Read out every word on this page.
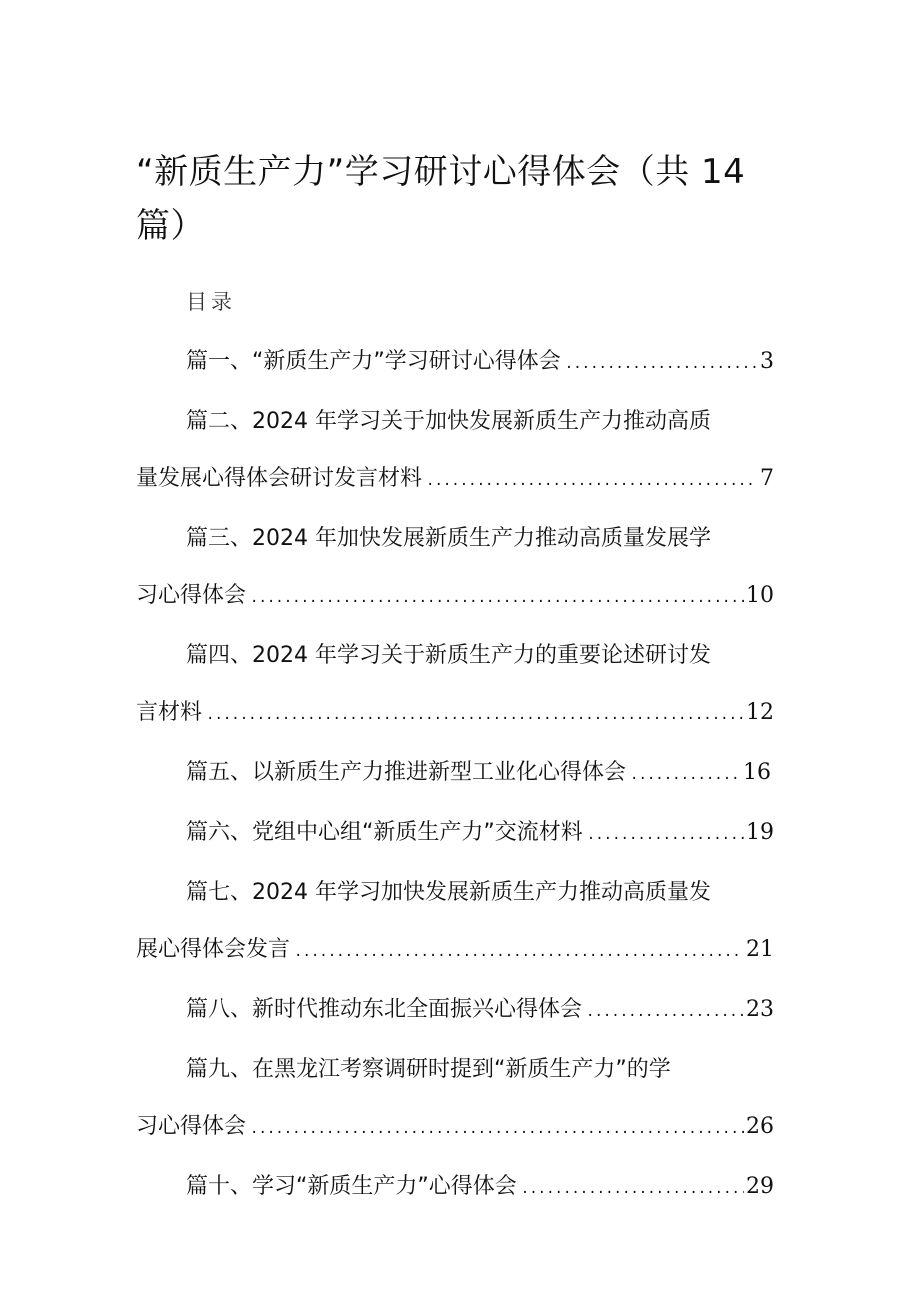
“新质生产力”学习研讨心得体会（共 14 篇）
目录
篇一、“新质生产力”学习研讨心得体会 .....	3
篇二、2024 年学习关于加快发展新质生产力推动高质
量发展心得体会研讨发言材料 .....	7
篇三、2024 年加快发展新质生产力推动高质量发展学
习心得体会 .....	10
篇四、2024 年学习关于新质生产力的重要论述研讨发
言材料 .....	12
篇五、以新质生产力推进新型工业化心得体会 .....	16
篇六、党组中心组“新质生产力”交流材料 .....	19
篇七、2024 年学习加快发展新质生产力推动高质量发
展心得体会发言 .....	21
篇八、新时代推动东北全面振兴心得体会 .....	23
篇九、在黑龙江考察调研时提到“新质生产力”的学
习心得体会 .....	26
篇十、学习“新质生产力”心得体会 .....	29
